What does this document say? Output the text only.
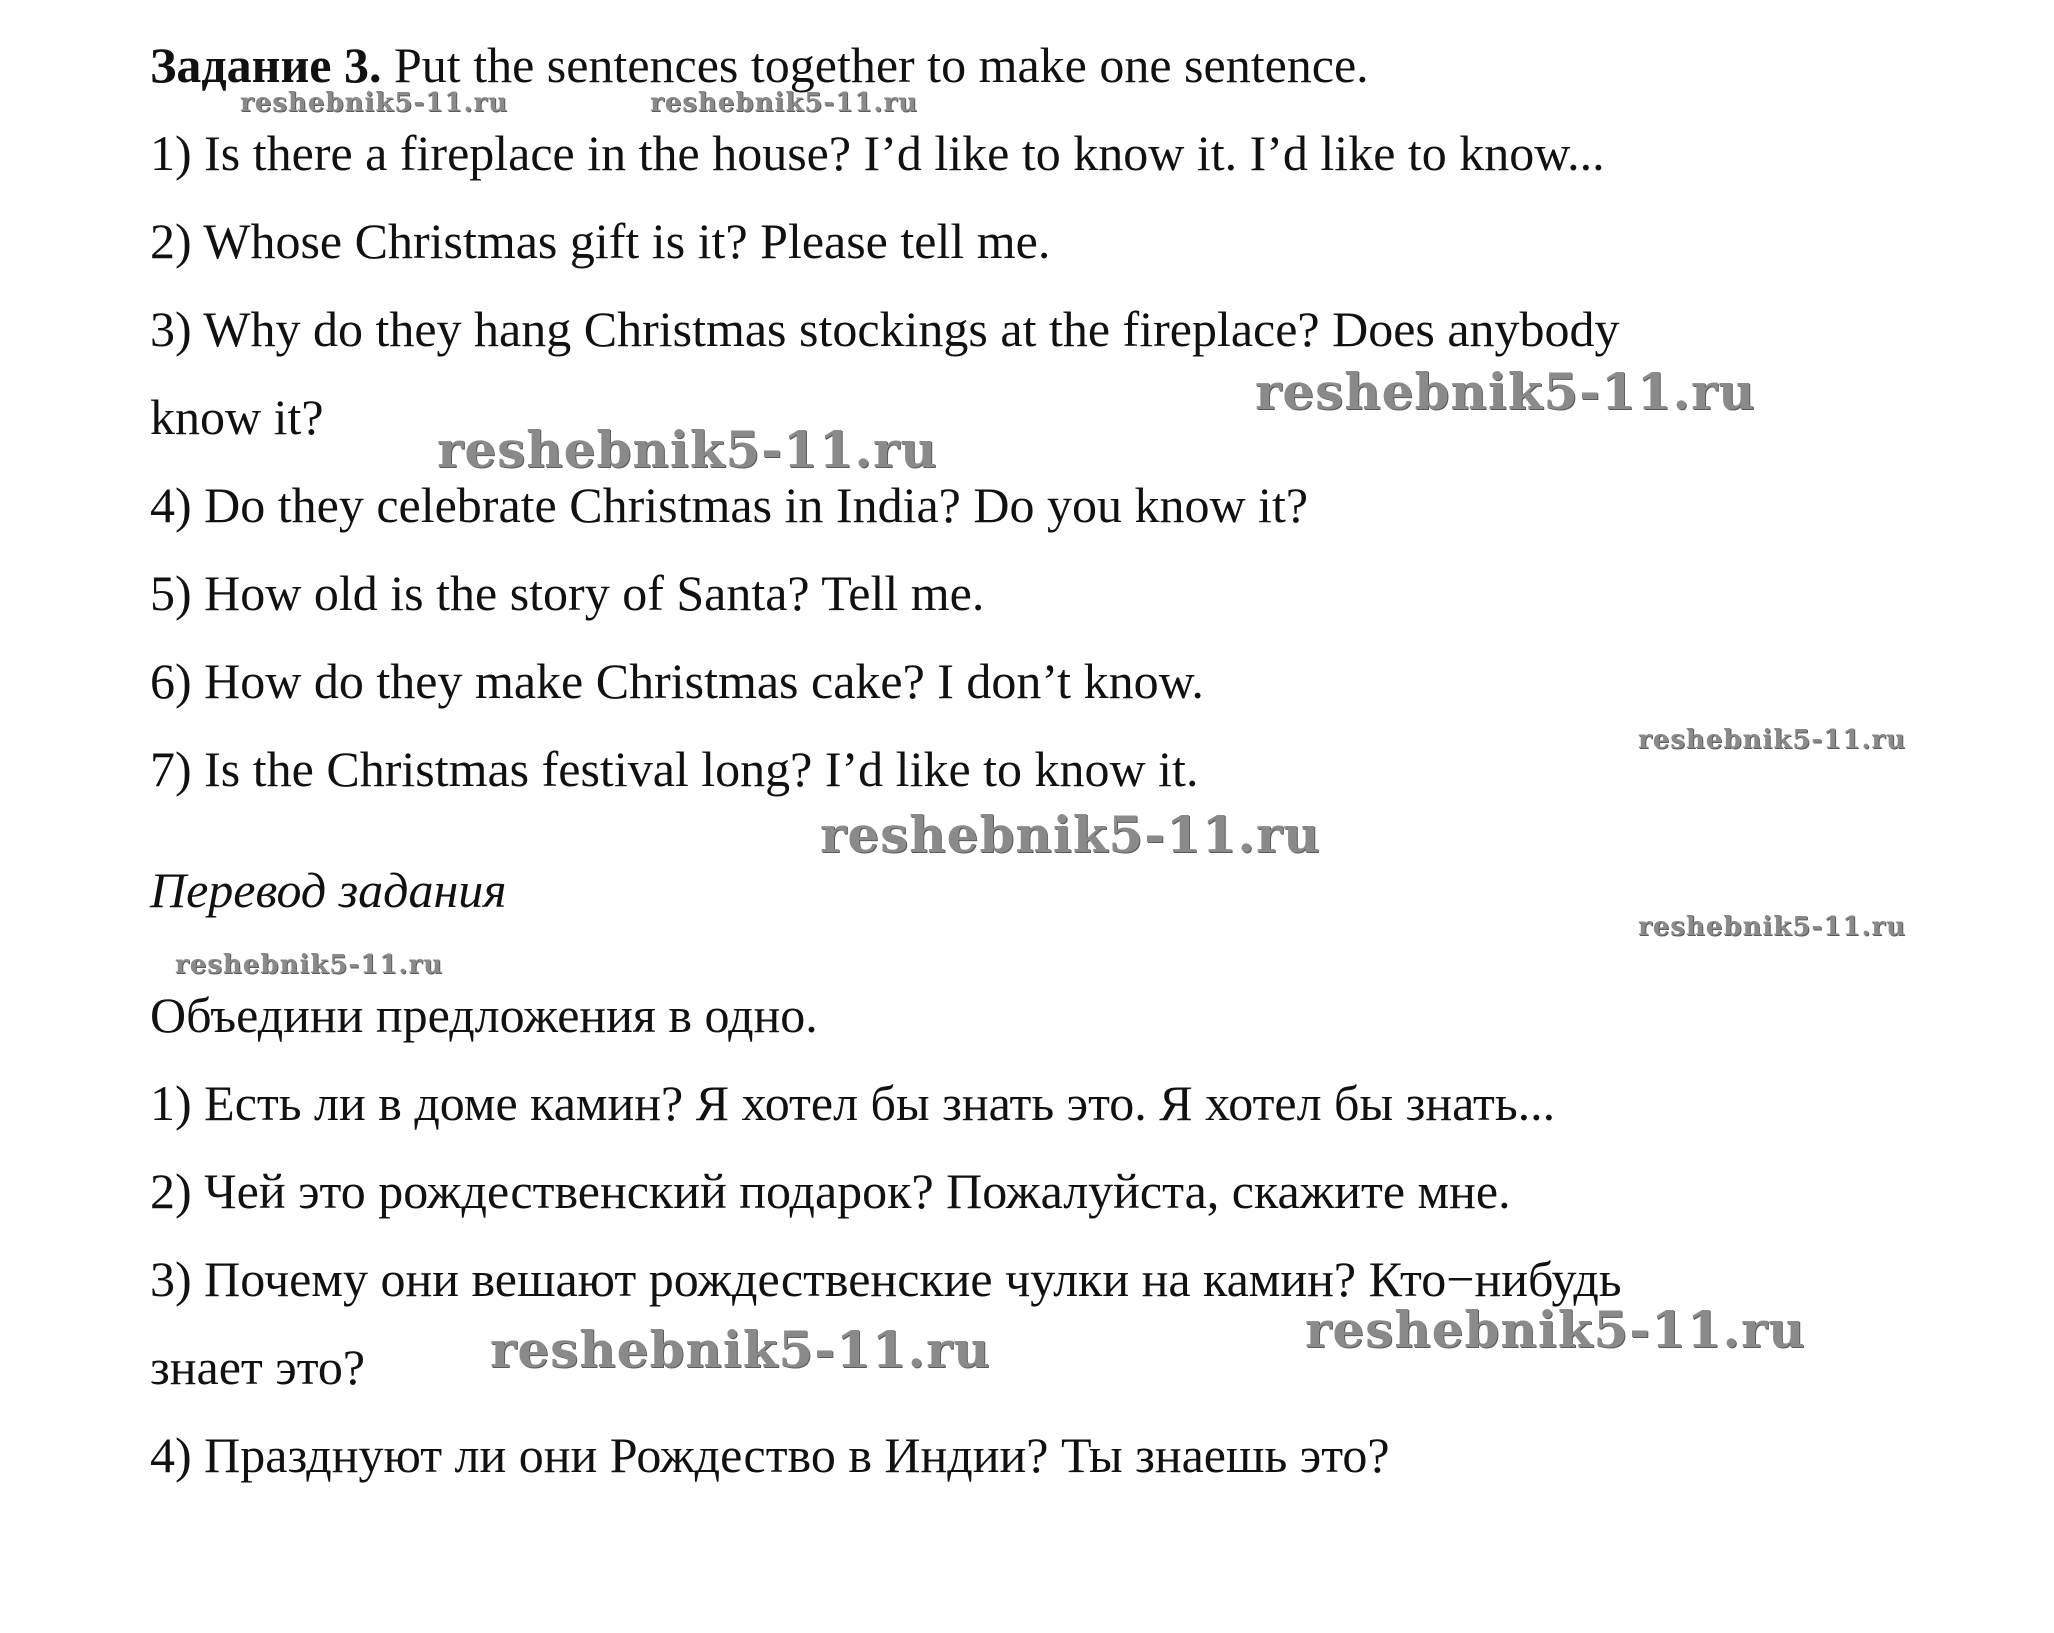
Задание 3. Put the sentences together to make one sentence.
1) Is there a fireplace in the house? I’d like to know it. I’d like to know...
2) Whose Christmas gift is it? Please tell me.
3) Why do they hang Christmas stockings at the fireplace? Does anybody
know it?
4) Do they celebrate Christmas in India? Do you know it?
5) How old is the story of Santa? Tell me.
6) How do they make Christmas cake? I don’t know.
7) Is the Christmas festival long? I’d like to know it.
Перевод задания
Объедини предложения в одно.
1) Есть ли в доме камин? Я хотел бы знать это. Я хотел бы знать...
2) Чей это рождественский подарок? Пожалуйста, скажите мне.
3) Почему они вешают рождественские чулки на камин? Кто−нибудь
знает это?
4) Празднуют ли они Рождество в Индии? Ты знаешь это?
reshebnik5-11.ru	reshebnik5-11.ru
reshebnik5-11.ru
reshebnik5-11.ru
reshebnik5-11.ru
reshebnik5-11.ru
reshebnik5-11.ru
reshebnik5-11.ru
reshebnik5-11.ru
reshebnik5-11.ru
